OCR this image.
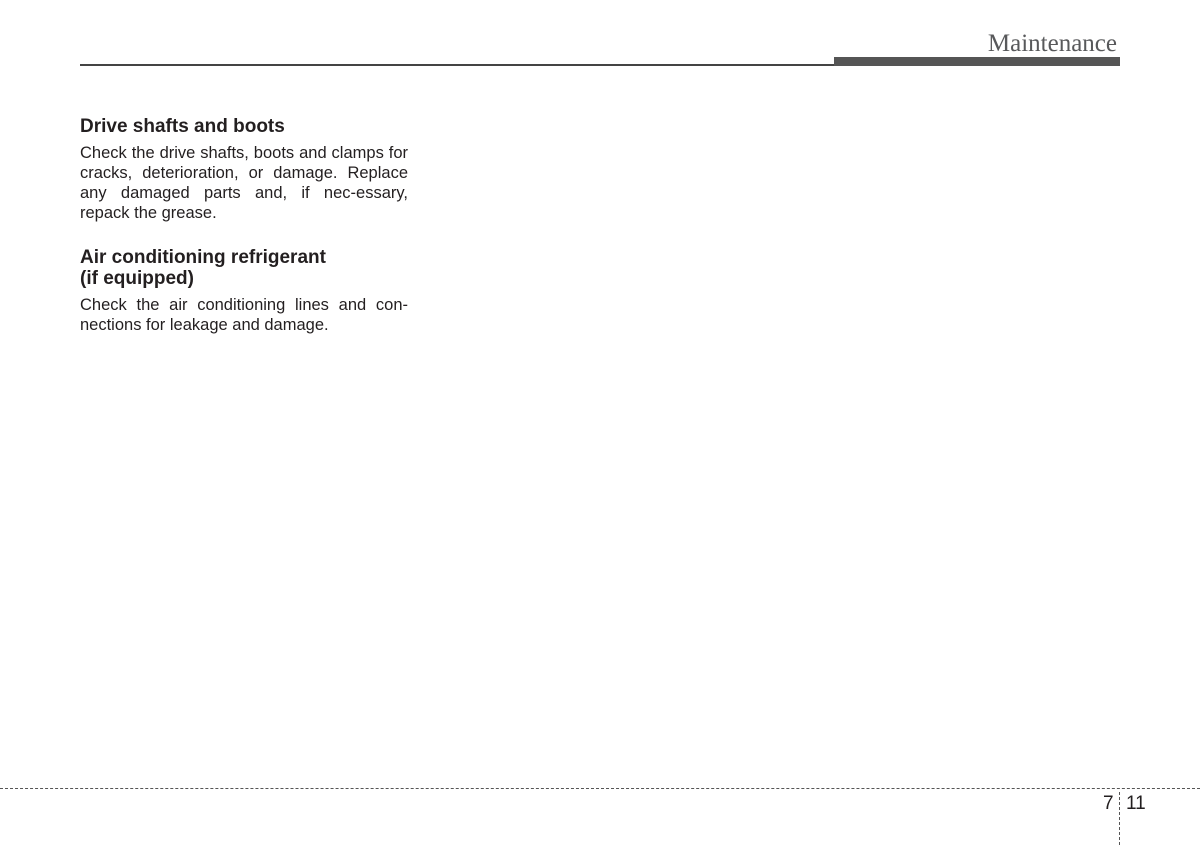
Maintenance
Drive shafts and boots

Check the drive shafts, boots and clamps for cracks, deterioration, or damage. Replace any damaged parts and, if nec-essary, repack the grease.

Air conditioning refrigerant
(if equipped)

Check the air conditioning lines and con-nections for leakage and damage.

7 11
